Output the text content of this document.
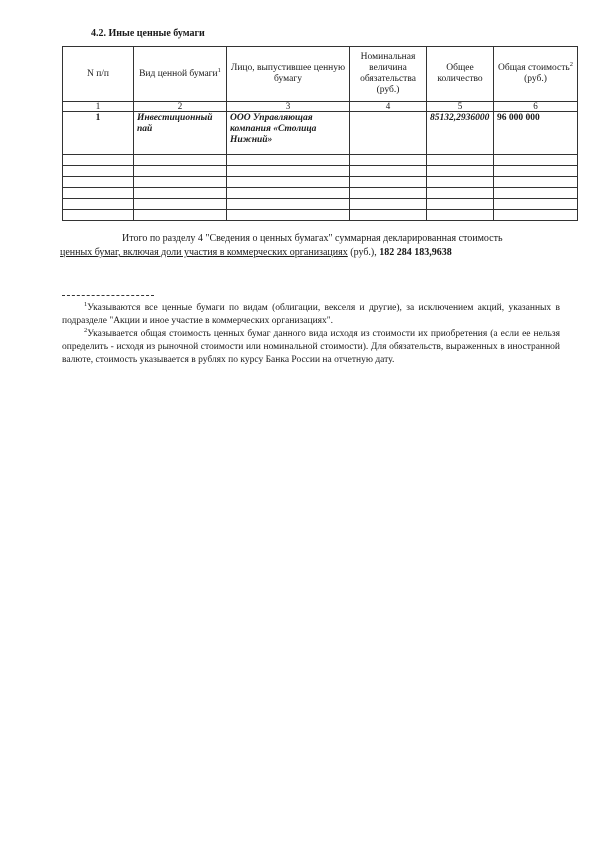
4.2. Иные ценные бумаги
N п/п	Вид ценной бумаги$^1$	Лицо, выпустившее ценную бумагу	Номинальная величина обязательства (руб.)	Общее количество	Общая стоимость$^2$
(руб.)
1	2	3	4	5	6
1	Инвестиционный пай	ООО Управляющая компания «Столица Нижний»		85132,2936000	96 000 000

Итого по разделу 4 "Сведения о ценных бумагах" суммарная декларированная стоимость
ценных бумаг, включая доли участия в коммерческих организациях (руб.), 182 284 183,9638

$^1$Указываются все ценные бумаги по видам (облигации, векселя и другие), за исключением акций, указанных в подразделе "Акции и иное участие в коммерческих организациях".

$^2$Указывается общая стоимость ценных бумаг данного вида исходя из стоимости их приобретения (а если ее нельзя определить - исходя из рыночной стоимости или номинальной стоимости). Для обязательств, выраженных в иностранной валюте, стоимость указывается в рублях по курсу Банка России на отчетную дату.
